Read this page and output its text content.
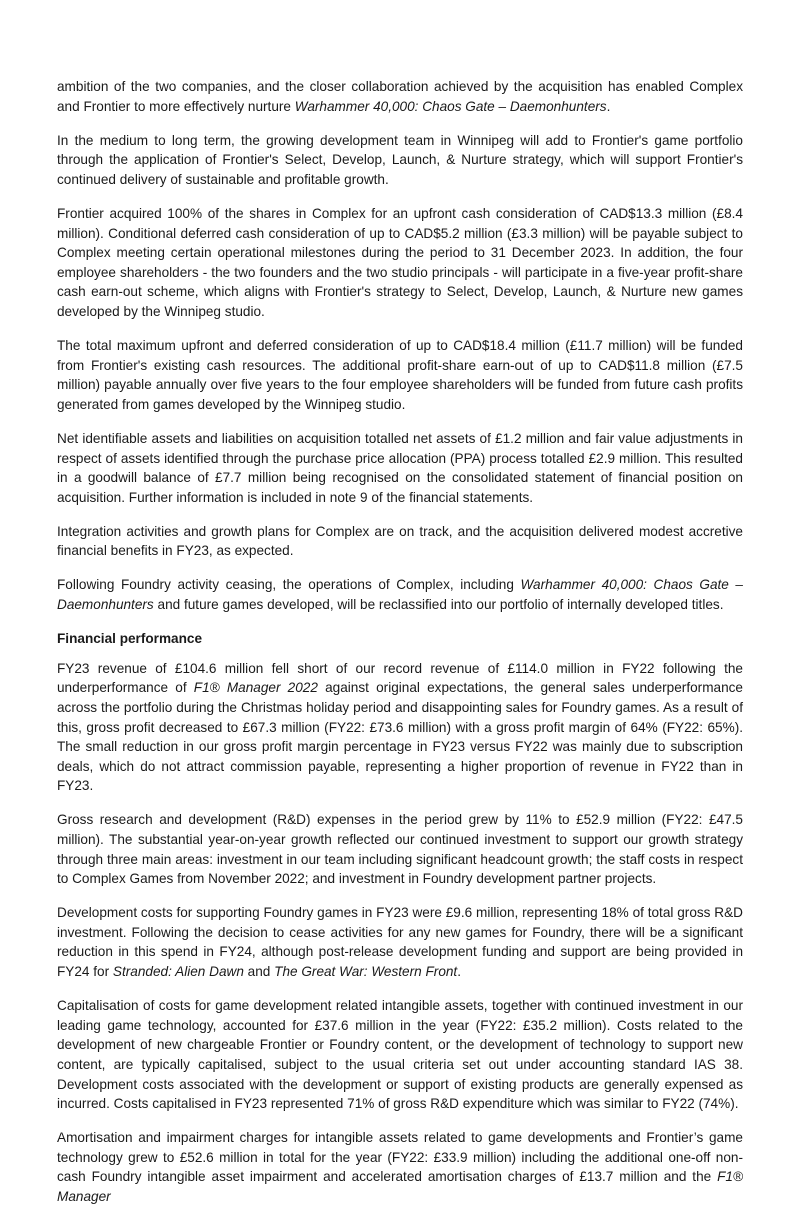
ambition of the two companies, and the closer collaboration achieved by the acquisition has enabled Complex and Frontier to more effectively nurture Warhammer 40,000: Chaos Gate – Daemonhunters.

In the medium to long term, the growing development team in Winnipeg will add to Frontier's game portfolio through the application of Frontier's Select, Develop, Launch, & Nurture strategy, which will support Frontier's continued delivery of sustainable and profitable growth.

Frontier acquired 100% of the shares in Complex for an upfront cash consideration of CAD$13.3 million (£8.4 million). Conditional deferred cash consideration of up to CAD$5.2 million (£3.3 million) will be payable subject to Complex meeting certain operational milestones during the period to 31 December 2023. In addition, the four employee shareholders - the two founders and the two studio principals - will participate in a five-year profit-share cash earn-out scheme, which aligns with Frontier's strategy to Select, Develop, Launch, & Nurture new games developed by the Winnipeg studio.

The total maximum upfront and deferred consideration of up to CAD$18.4 million (£11.7 million) will be funded from Frontier's existing cash resources. The additional profit-share earn-out of up to CAD$11.8 million (£7.5 million) payable annually over five years to the four employee shareholders will be funded from future cash profits generated from games developed by the Winnipeg studio.

Net identifiable assets and liabilities on acquisition totalled net assets of £1.2 million and fair value adjustments in respect of assets identified through the purchase price allocation (PPA) process totalled £2.9 million. This resulted in a goodwill balance of £7.7 million being recognised on the consolidated statement of financial position on acquisition. Further information is included in note 9 of the financial statements.

Integration activities and growth plans for Complex are on track, and the acquisition delivered modest accretive financial benefits in FY23, as expected.

Following Foundry activity ceasing, the operations of Complex, including Warhammer 40,000: Chaos Gate – Daemonhunters and future games developed, will be reclassified into our portfolio of internally developed titles.

Financial performance

FY23 revenue of £104.6 million fell short of our record revenue of £114.0 million in FY22 following the underperformance of F1® Manager 2022 against original expectations, the general sales underperformance across the portfolio during the Christmas holiday period and disappointing sales for Foundry games. As a result of this, gross profit decreased to £67.3 million (FY22: £73.6 million) with a gross profit margin of 64% (FY22: 65%). The small reduction in our gross profit margin percentage in FY23 versus FY22 was mainly due to subscription deals, which do not attract commission payable, representing a higher proportion of revenue in FY22 than in FY23.

Gross research and development (R&D) expenses in the period grew by 11% to £52.9 million (FY22: £47.5 million). The substantial year-on-year growth reflected our continued investment to support our growth strategy through three main areas: investment in our team including significant headcount growth; the staff costs in respect to Complex Games from November 2022; and investment in Foundry development partner projects.

Development costs for supporting Foundry games in FY23 were £9.6 million, representing 18% of total gross R&D investment. Following the decision to cease activities for any new games for Foundry, there will be a significant reduction in this spend in FY24, although post-release development funding and support are being provided in FY24 for Stranded: Alien Dawn and The Great War: Western Front.

Capitalisation of costs for game development related intangible assets, together with continued investment in our leading game technology, accounted for £37.6 million in the year (FY22: £35.2 million). Costs related to the development of new chargeable Frontier or Foundry content, or the development of technology to support new content, are typically capitalised, subject to the usual criteria set out under accounting standard IAS 38. Development costs associated with the development or support of existing products are generally expensed as incurred. Costs capitalised in FY23 represented 71% of gross R&D expenditure which was similar to FY22 (74%).

Amortisation and impairment charges for intangible assets related to game developments and Frontier’s game technology grew to £52.6 million in total for the year (FY22: £33.9 million) including the additional one-off non-cash Foundry intangible asset impairment and accelerated amortisation charges of £13.7 million and the F1® Manager
